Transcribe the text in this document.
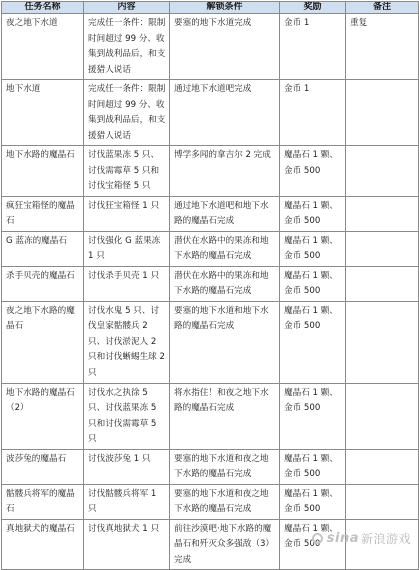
任务名称	内容	解锁条件	奖励	备注
夜之地下水道	完成任一条件：限制时间超过 99 分、收集到战利品后，和支援猎人说话	要塞的地下水道完成	金币 1	重复
地下水道	完成任一条件：限制时间超过 99 分、收集到战利品后，和支援猎人说话	通过地下水道吧完成	金币 1	
地下水路的魔晶石	讨伐蓝果冻 5 只、讨伐需霉草 5 只和讨伐宝箱怪 5 只	博学多闻的拿吉尔 2 完成	魔晶石 1 颗、金币 500	
疯狂宝箱怪的魔晶石	讨伐狂宝箱怪 1 只	通过地下水道吧和地下水路的魔晶石完成	魔晶石 1 颗、金币 500	
G 蓝冻的魔晶石	讨伐强化 G 蓝果冻 1 只	潜伏在水路中的果冻和地下水路的魔晶石完成	魔晶石 1 颗、金币 500	
杀手贝壳的魔晶石	讨伐杀手贝壳 1 只	潜伏在水路中的果冻和地下水路的魔晶石完成	魔晶石 1 颗、金币 500	
夜之地下水路的魔晶石	讨伐水鬼 5 只、讨伐皇家骷髅兵 2 只、讨伐淤泥人 2 只和讨伐蜥蜴生球 2 只	要塞的地下水道和地下水路的魔晶石完成	魔晶石 1 颗、金币 500	
地下水路的魔晶石（2）	讨伐水之执徐 5 只、讨伐蓝果冻 5 只和讨伐需霉草 5 只	将水指住！和夜之地下水路的魔晶石完成	魔晶石 1 颗、金币 500	
波莎兔的魔晶石	讨伐波莎兔 1 只	要塞的地下水道和夜之地下水路的魔晶石完成	魔晶石 1 颗、金币 500	
骷髅兵将军的魔晶石	讨伐骷髅兵将军 1 只	要塞的地下水道和夜之地下水路的魔晶石完成	魔晶石 1 颗、金币 500	
真地狱犬的魔晶石	讨伐真地狱犬 1 只	前往沙漠吧·地下水路的魔晶石和歼灭众多强敌（3）完成	魔晶石 1 颗、金币 500	sina 新浪游戏
